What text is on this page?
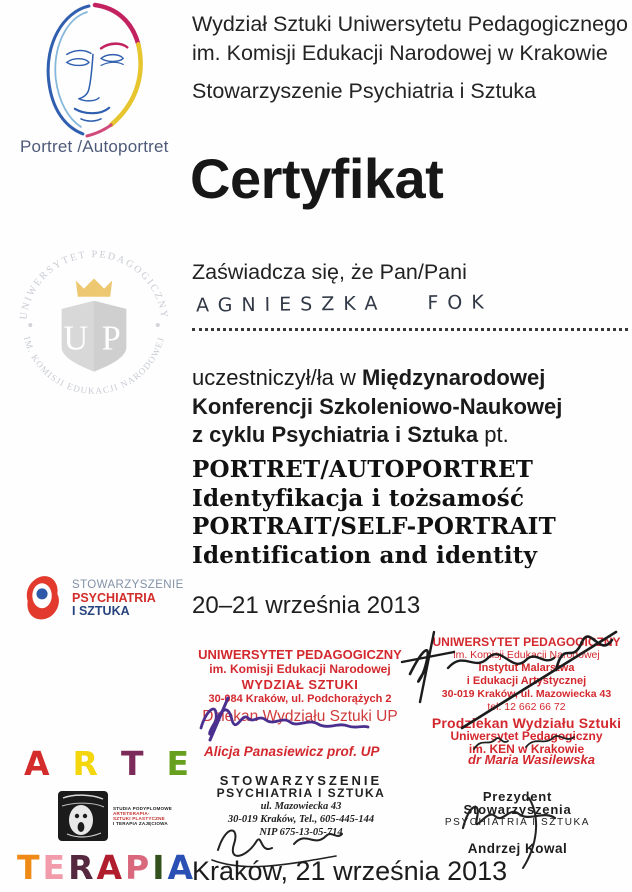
Portret /Autoportret
Wydział Sztuki Uniwersytetu Pedagogicznego
im. Komisji Edukacji Narodowej w Krakowie
Stowarzyszenie Psychiatria i Sztuka
Certyfikat
UNIWERSYTET PEDAGOGICZNY
IM. KOMISJI EDUKACJI NARODOWEJ
U P
Zaświadcza się, że Pan/Pani
AGNIESZKA FOK
uczestniczył/ła w Międzynarodowej
Konferencji Szkoleniowo-Naukowej
z cyklu Psychiatria i Sztuka pt.
PORTRET/AUTOPORTRET
Identyfikacja i tożsamość
PORTRAIT/SELF-PORTRAIT
Identification and identity
STOWARZYSZENIE
PSYCHIATRIA
I SZTUKA	20–21 września 2013
UNIWERSYTET PEDAGOGICZNY
im. Komisji Edukacji Narodowej
WYDZIAŁ SZTUKI
30-084 Kraków, ul. Podchorążych 2
Dziekan Wydziału Sztuki UP
Alicja Panasiewicz prof. UP
UNIWERSYTET PEDAGOGICZNY
im. Komisji Edukacji Narodowej
Instytut Malarstwa
i Edukacji Artystycznej
30-019 Kraków, ul. Mazowiecka 43
tel. 12 662 66 72
Prodziekan Wydziału Sztuki
Uniwersytet Pedagogiczny
im. KEN w Krakowie
dr Maria Wasilewska
Prezydent Stowarzyszenia
PSYCHIATRIA I SZTUKA
Andrzej Kowal
STOWARZYSZENIE
PSYCHIATRIA I SZTUKA
ul. Mazowiecka 43
30-019 Kraków, Tel., 605-445-144
NIP 675-13-05-714
A R T E
STUDIA PODYPLOMOWE
ARTETERAPIA-
SZTUKI PLASTYCZNE
I TERAPIA ZAJĘCIOWA
T E R A P I A
Kraków, 21 września 2013
